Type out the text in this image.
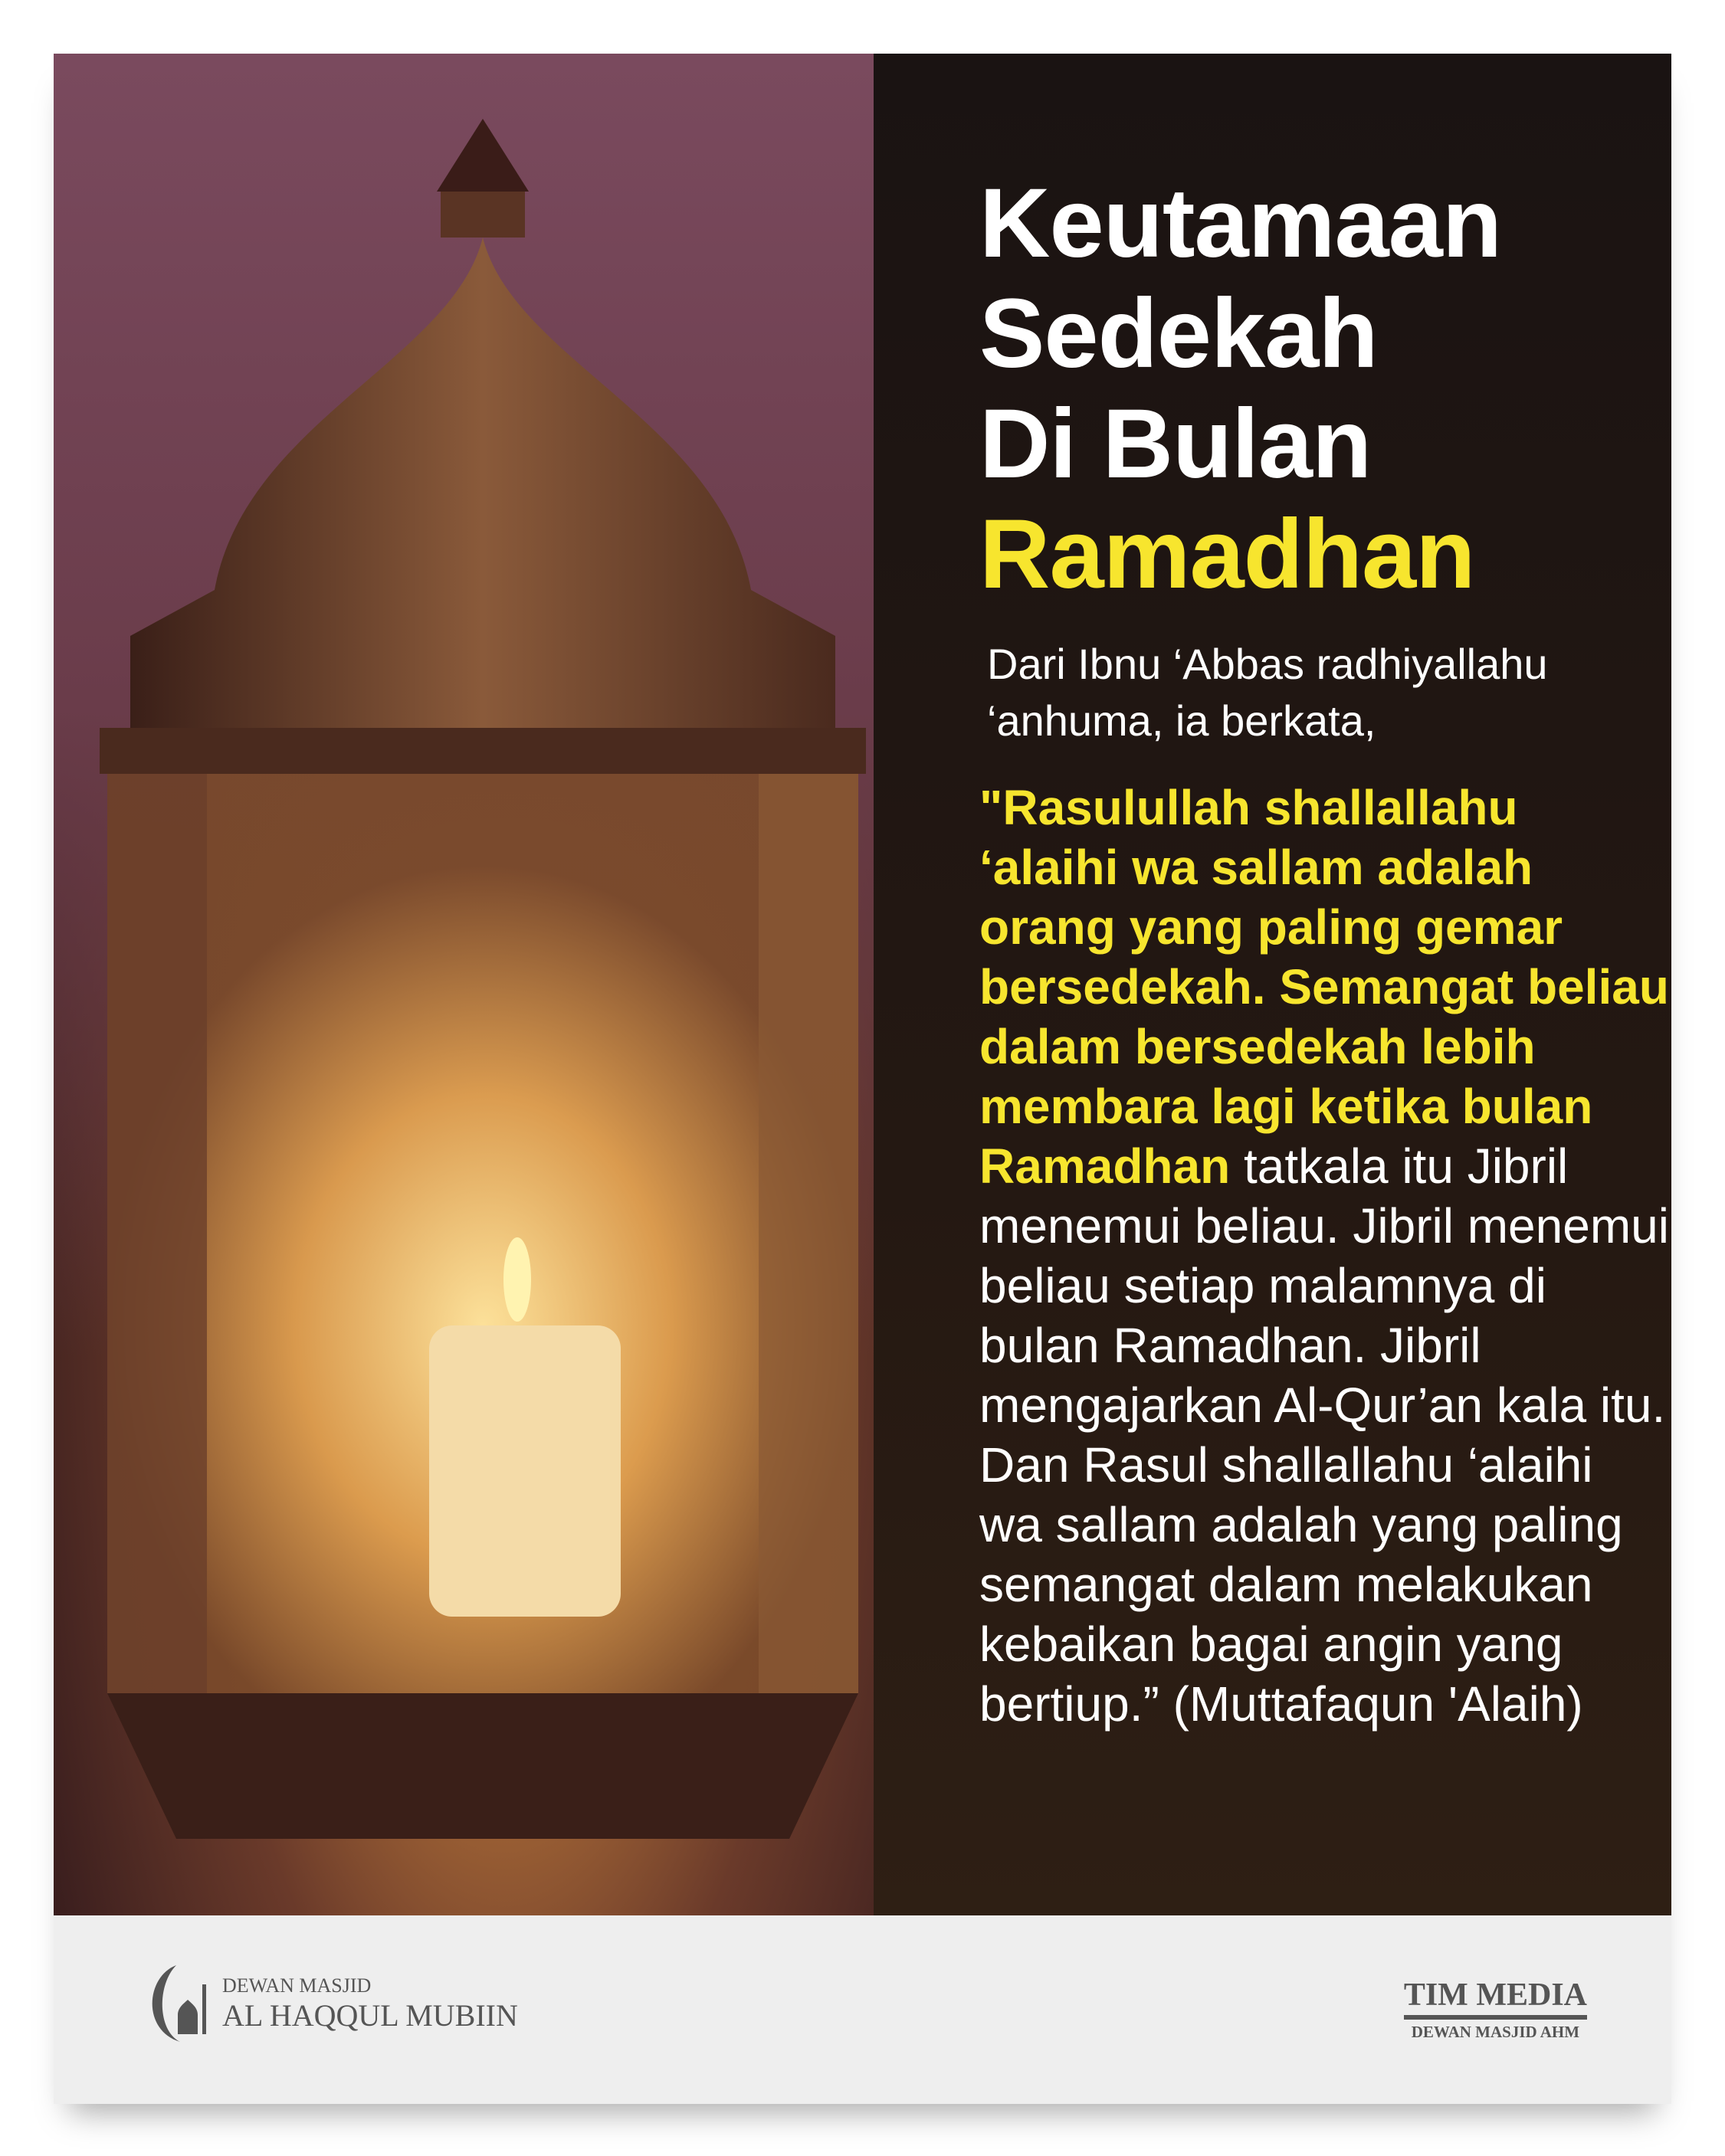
Keutamaan
Sedekah
Di Bulan
Ramadhan
Dari Ibnu ‘Abbas radhiyallahu ‘anhuma, ia berkata,
"Rasulullah shallallahu ‘alaihi wa sallam adalah orang yang paling gemar bersedekah. Semangat beliau dalam bersedekah lebih membara lagi ketika bulan Ramadhan tatkala itu Jibril menemui beliau. Jibril menemui beliau setiap malamnya di bulan Ramadhan. Jibril mengajarkan Al-Qur’an kala itu. Dan Rasul shallallahu ‘alaihi wa sallam adalah yang paling semangat dalam melakukan kebaikan bagai angin yang bertiup.” (Muttafaqun 'Alaih)
DEWAN MASJID
AL HAQQUL MUBIIN
TIM MEDIA
DEWAN MASJID AHM
